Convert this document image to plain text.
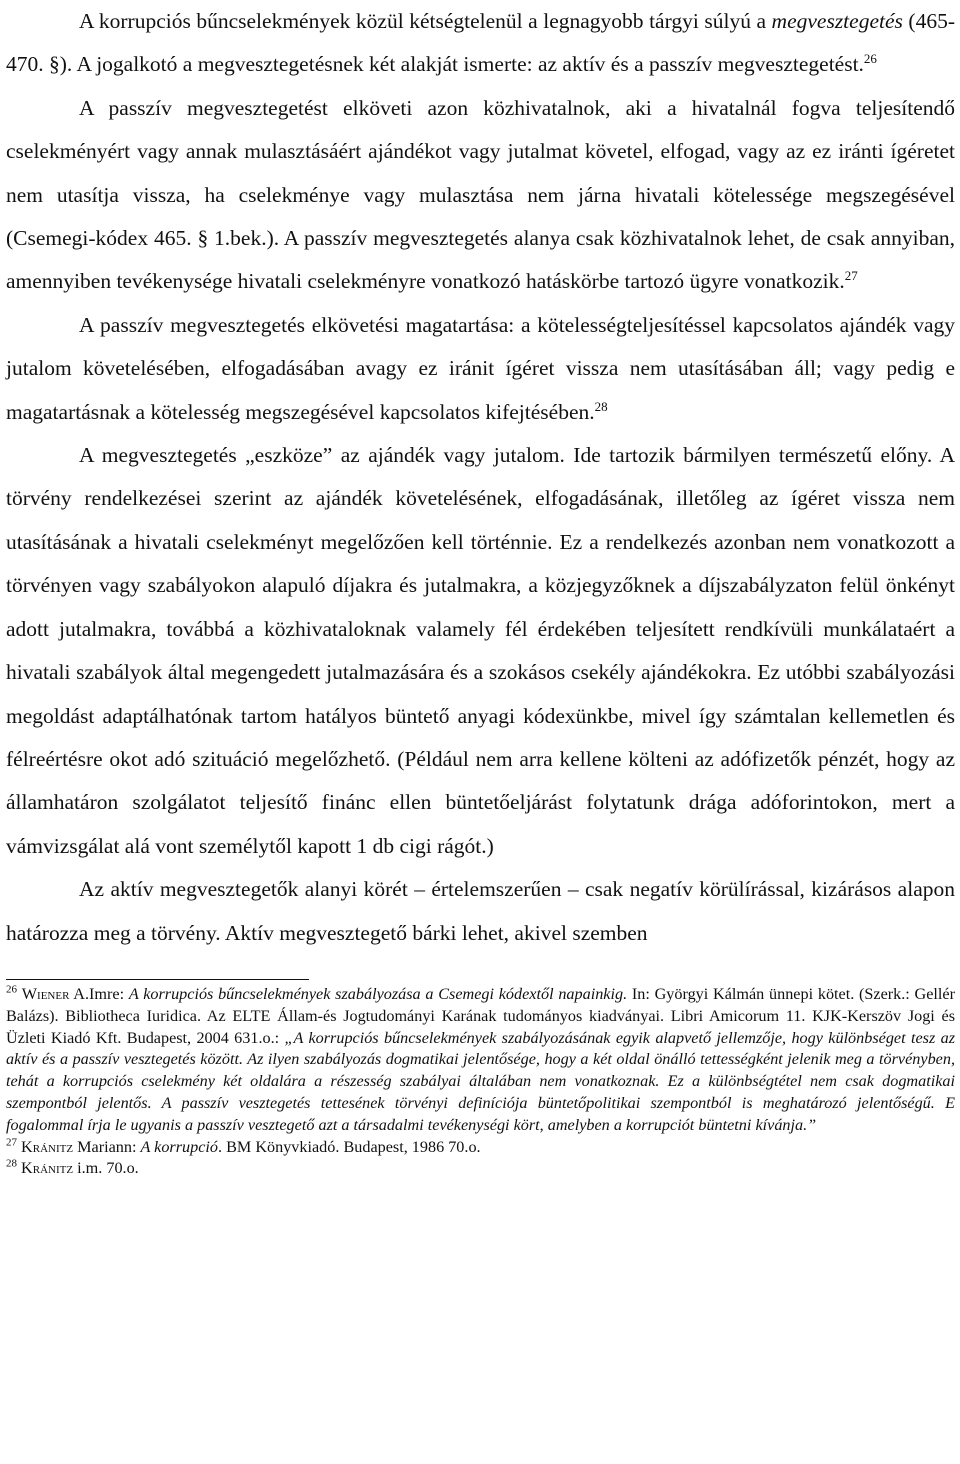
A korrupciós bűncselekmények közül kétségtelenül a legnagyobb tárgyi súlyú a megvesztegetés (465-470. §). A jogalkotó a megvesztegetésnek két alakját ismerte: az aktív és a passzív megvesztegetést.$^{26}$

A passzív megvesztegetést elköveti azon közhivatalnok, aki a hivatalnál fogva teljesítendő cselekményért vagy annak mulasztásáért ajándékot vagy jutalmat követel, elfogad, vagy az ez iránti ígéretet nem utasítja vissza, ha cselekménye vagy mulasztása nem járna hivatali kötelessége megszegésével (Csemegi-kódex 465. § 1.bek.). A passzív megvesztegetés alanya csak közhivatalnok lehet, de csak annyiban, amennyiben tevékenysége hivatali cselekményre vonatkozó hatáskörbe tartozó ügyre vonatkozik.$^{27}$

A passzív megvesztegetés elkövetési magatartása: a kötelességteljesítéssel kapcsolatos ajándék vagy jutalom követelésében, elfogadásában avagy ez iránit ígéret vissza nem utasításában áll; vagy pedig e magatartásnak a kötelesség megszegésével kapcsolatos kifejtésében.$^{28}$

A megvesztegetés „eszköze” az ajándék vagy jutalom. Ide tartozik bármilyen természetű előny. A törvény rendelkezései szerint az ajándék követelésének, elfogadásának, illetőleg az ígéret vissza nem utasításának a hivatali cselekményt megelőzően kell történnie. Ez a rendelkezés azonban nem vonatkozott a törvényen vagy szabályokon alapuló díjakra és jutalmakra, a közjegyzőknek a díjszabályzaton felül önkényt adott jutalmakra, továbbá a közhivataloknak valamely fél érdekében teljesített rendkívüli munkálataért a hivatali szabályok által megengedett jutalmazására és a szokásos csekély ajándékokra. Ez utóbbi szabályozási megoldást adaptálhatónak tartom hatályos büntető anyagi kódexünkbe, mivel így számtalan kellemetlen és félreértésre okot adó szituáció megelőzhető. (Például nem arra kellene költeni az adófizetők pénzét, hogy az államhatáron szolgálatot teljesítő finánc ellen büntetőeljárást folytatunk drága adóforintokon, mert a vámvizsgálat alá vont személytől kapott 1 db cigi rágót.)

Az aktív megvesztegetők alanyi körét – értelemszerűen – csak negatív körülírással, kizárásos alapon határozza meg a törvény. Aktív megvesztegető bárki lehet, akivel szemben

$^{26}$ Wiener A.Imre: A korrupciós bűncselekmények szabályozása a Csemegi kódextől napainkig. In: Györgyi Kálmán ünnepi kötet. (Szerk.: Gellér Balázs). Bibliotheca Iuridica. Az ELTE Állam-és Jogtudományi Karának tudományos kiadványai. Libri Amicorum 11. KJK-Kerszöv Jogi és Üzleti Kiadó Kft. Budapest, 2004 631.o.: „A korrupciós bűncselekmények szabályozásának egyik alapvető jellemzője, hogy különbséget tesz az aktív és a passzív vesztegetés között. Az ilyen szabályozás dogmatikai jelentősége, hogy a két oldal önálló tettességként jelenik meg a törvényben, tehát a korrupciós cselekmény két oldalára a részesség szabályai általában nem vonatkoznak. Ez a különbségtétel nem csak dogmatikai szempontból jelentős. A passzív vesztegetés tettesének törvényi definíciója büntetőpolitikai szempontból is meghatározó jelentőségű. E fogalommal írja le ugyanis a passzív vesztegető azt a társadalmi tevékenységi kört, amelyben a korrupciót büntetni kívánja.”

$^{27}$ Kránitz Mariann: A korrupció. BM Könyvkiadó. Budapest, 1986 70.o.

$^{28}$ Kránitz i.m. 70.o.
